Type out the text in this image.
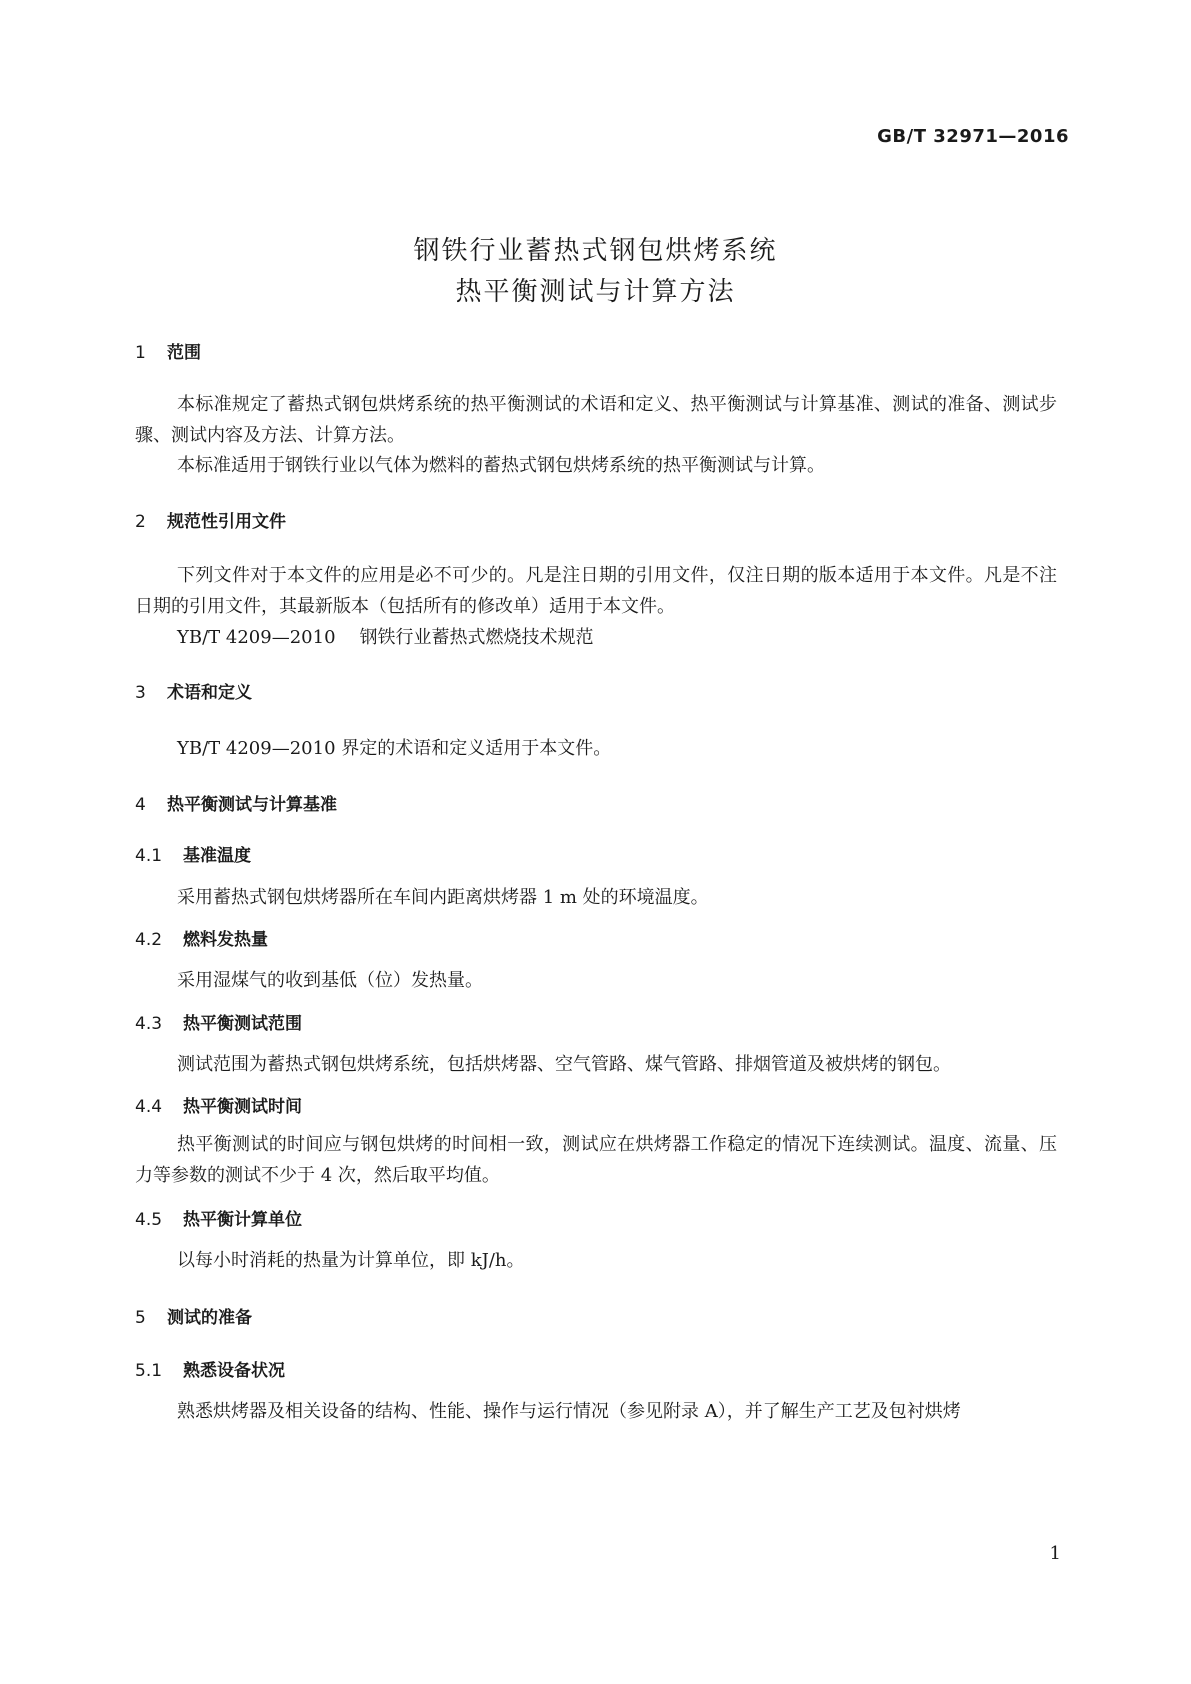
GB/T 32971—2016
钢铁行业蓄热式钢包烘烤系统
热平衡测试与计算方法
1 范围
本标准规定了蓄热式钢包烘烤系统的热平衡测试的术语和定义、热平衡测试与计算基准、测试的准备、测试步骤、测试内容及方法、计算方法。
本标准适用于钢铁行业以气体为燃料的蓄热式钢包烘烤系统的热平衡测试与计算。
2 规范性引用文件
下列文件对于本文件的应用是必不可少的。凡是注日期的引用文件，仅注日期的版本适用于本文件。凡是不注日期的引用文件，其最新版本（包括所有的修改单）适用于本文件。
YB/T 4209—2010 钢铁行业蓄热式燃烧技术规范
3 术语和定义
YB/T 4209—2010 界定的术语和定义适用于本文件。
4 热平衡测试与计算基准
4.1 基准温度
采用蓄热式钢包烘烤器所在车间内距离烘烤器 1 m 处的环境温度。
4.2 燃料发热量
采用湿煤气的收到基低（位）发热量。
4.3 热平衡测试范围
测试范围为蓄热式钢包烘烤系统，包括烘烤器、空气管路、煤气管路、排烟管道及被烘烤的钢包。
4.4 热平衡测试时间
热平衡测试的时间应与钢包烘烤的时间相一致，测试应在烘烤器工作稳定的情况下连续测试。温度、流量、压力等参数的测试不少于 4 次，然后取平均值。
4.5 热平衡计算单位
以每小时消耗的热量为计算单位，即 kJ/h。
5 测试的准备
5.1 熟悉设备状况
熟悉烘烤器及相关设备的结构、性能、操作与运行情况（参见附录 A），并了解生产工艺及包衬烘烤
1
